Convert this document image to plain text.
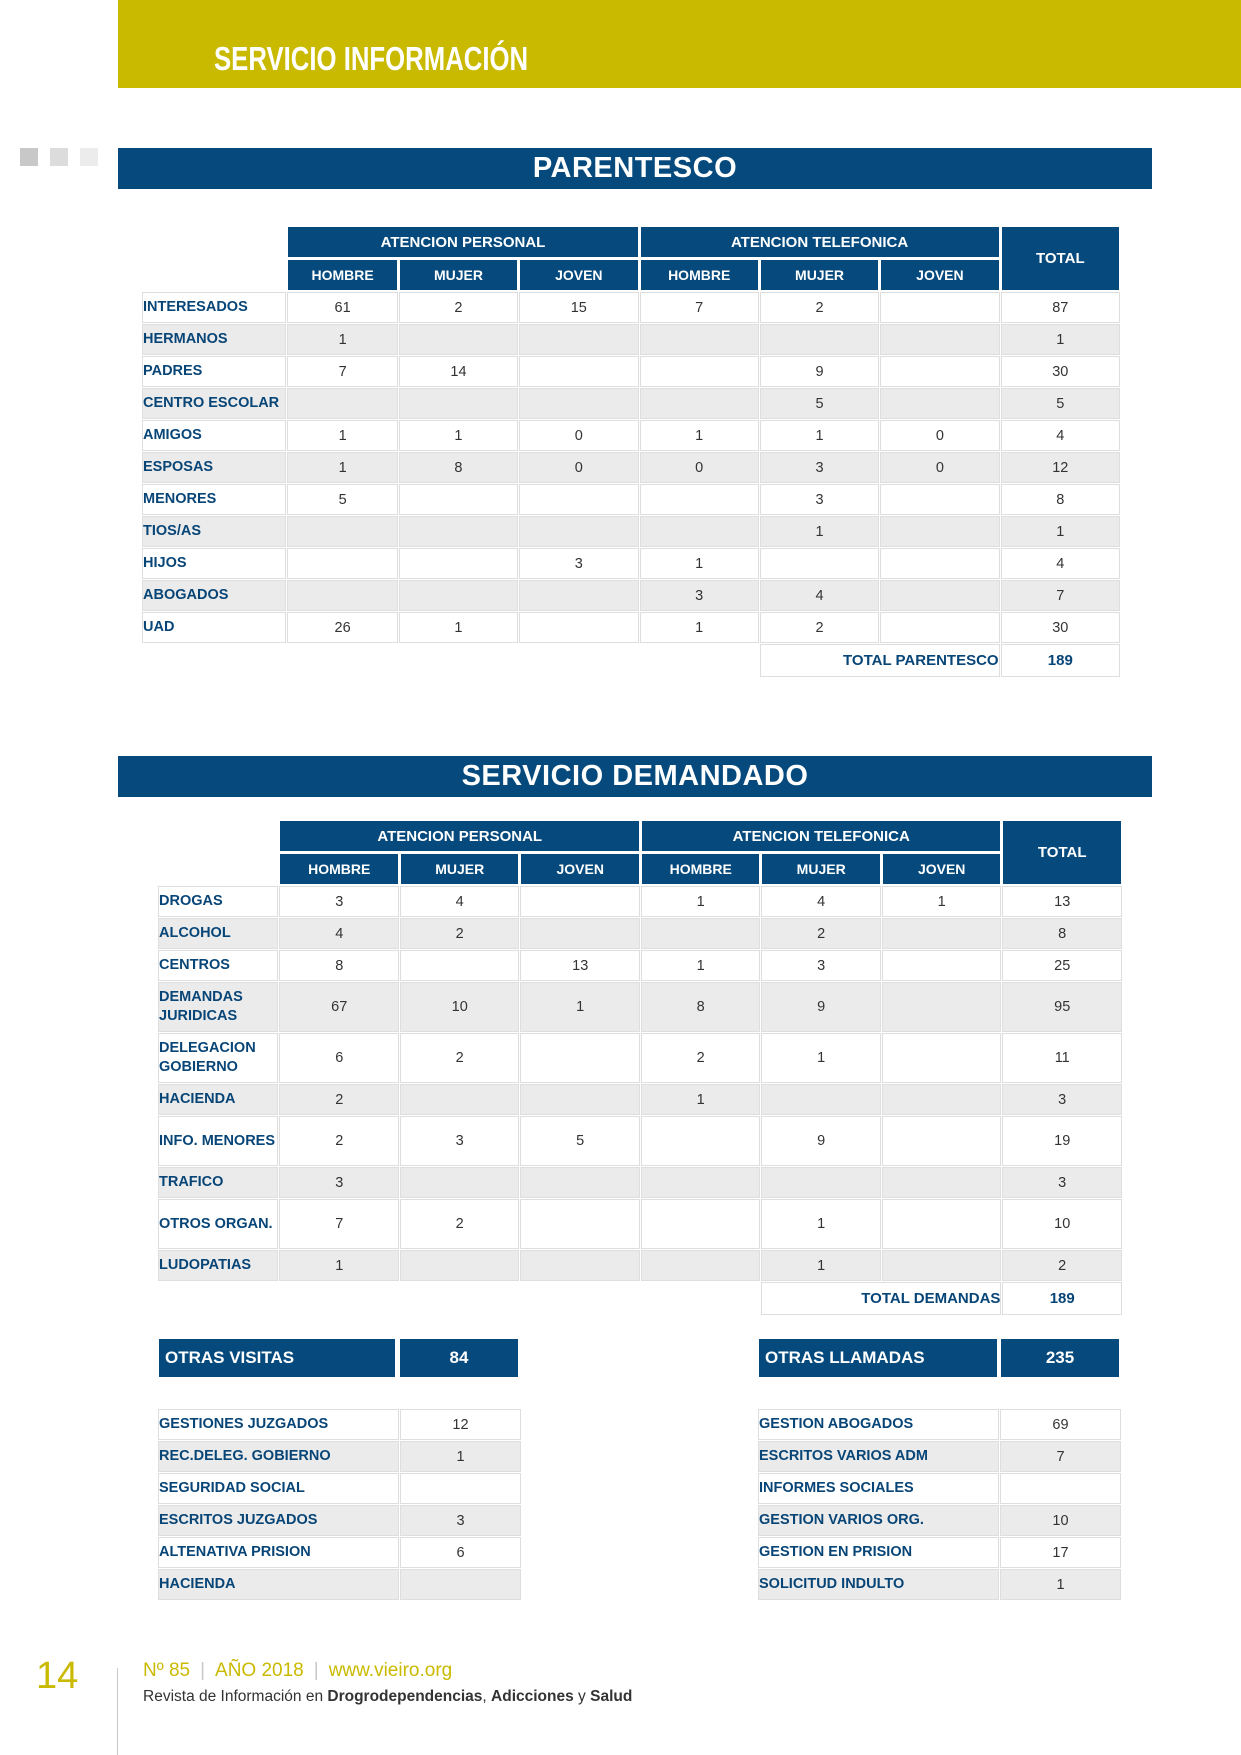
SERVICIO INFORMACIÓN
PARENTESCO
	ATENCION PERSONAL			ATENCION TELEFONICA			TOTAL
	HOMBRE	MUJER	JOVEN	HOMBRE	MUJER	JOVEN	
INTERESADOS	61	2	15	7	2		87
HERMANOS	1						1
PADRES	7	14			9		30
CENTRO ESCOLAR					5		5
AMIGOS	1	1	0	1	1	0	4
ESPOSAS	1	8	0	0	3	0	12
MENORES	5				3		8
TIOS/AS					1		1
HIJOS			3	1			4
ABOGADOS				3	4		7
UAD	26	1		1	2		30
					TOTAL PARENTESCO		189
SERVICIO DEMANDADO
	ATENCION PERSONAL			ATENCION TELEFONICA			TOTAL
	HOMBRE	MUJER	JOVEN	HOMBRE	MUJER	JOVEN	
DROGAS	3	4		1	4	1	13
ALCOHOL	4	2			2		8
CENTROS	8		13	1	3		25
DEMANDAS JURIDICAS	67	10	1	8	9		95
DELEGACION GOBIERNO	6	2		2	1		11
HACIENDA	2			1			3
INFO. MENORES	2	3	5		9		19
TRAFICO	3						3
OTROS ORGAN.	7	2			1		10
LUDOPATIAS	1				1		2
					TOTAL DEMANDAS		189
OTRAS VISITAS	84
GESTIONES JUZGADOS	12
REC.DELEG. GOBIERNO	1
SEGURIDAD SOCIAL	
ESCRITOS JUZGADOS	3
ALTENATIVA PRISION	6
HACIENDA	
OTRAS LLAMADAS	235
GESTION ABOGADOS	69
ESCRITOS VARIOS ADM	7
INFORMES SOCIALES	
GESTION VARIOS ORG.	10
GESTION EN PRISION	17
SOLICITUD INDULTO	1
14	Nº 85 | AÑO 2018 | www.vieiro.org
Revista de Información en Drogrodependencias, Adicciones y Salud
